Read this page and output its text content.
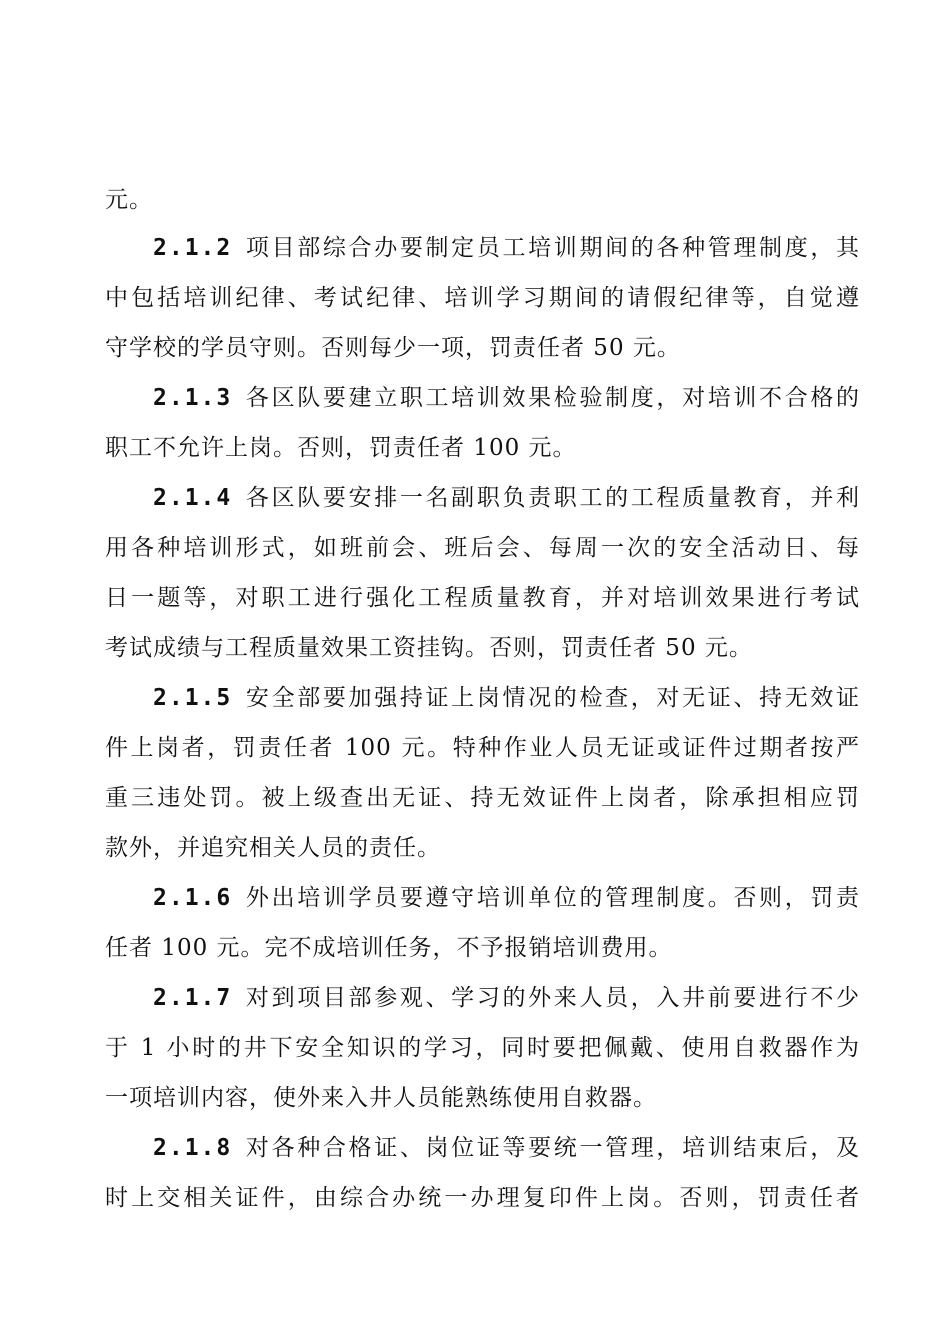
元。
2.1.2 项目部综合办要制定员工培训期间的各种管理制度，其
中包括培训纪律、考试纪律、培训学习期间的请假纪律等，自觉遵
守学校的学员守则。否则每少一项，罚责任者 50 元。
2.1.3 各区队要建立职工培训效果检验制度，对培训不合格的
职工不允许上岗。否则，罚责任者 100 元。
2.1.4 各区队要安排一名副职负责职工的工程质量教育，并利
用各种培训形式，如班前会、班后会、每周一次的安全活动日、每
日一题等，对职工进行强化工程质量教育，并对培训效果进行考试
考试成绩与工程质量效果工资挂钩。否则，罚责任者 50 元。
2.1.5 安全部要加强持证上岗情况的检查，对无证、持无效证
件上岗者，罚责任者 100 元。特种作业人员无证或证件过期者按严
重三违处罚。被上级查出无证、持无效证件上岗者，除承担相应罚
款外，并追究相关人员的责任。
2.1.6 外出培训学员要遵守培训单位的管理制度。否则，罚责
任者 100 元。完不成培训任务，不予报销培训费用。
2.1.7 对到项目部参观、学习的外来人员，入井前要进行不少
于 1 小时的井下安全知识的学习，同时要把佩戴、使用自救器作为
一项培训内容，使外来入井人员能熟练使用自救器。
2.1.8 对各种合格证、岗位证等要统一管理，培训结束后，及
时上交相关证件，由综合办统一办理复印件上岗。否则，罚责任者
